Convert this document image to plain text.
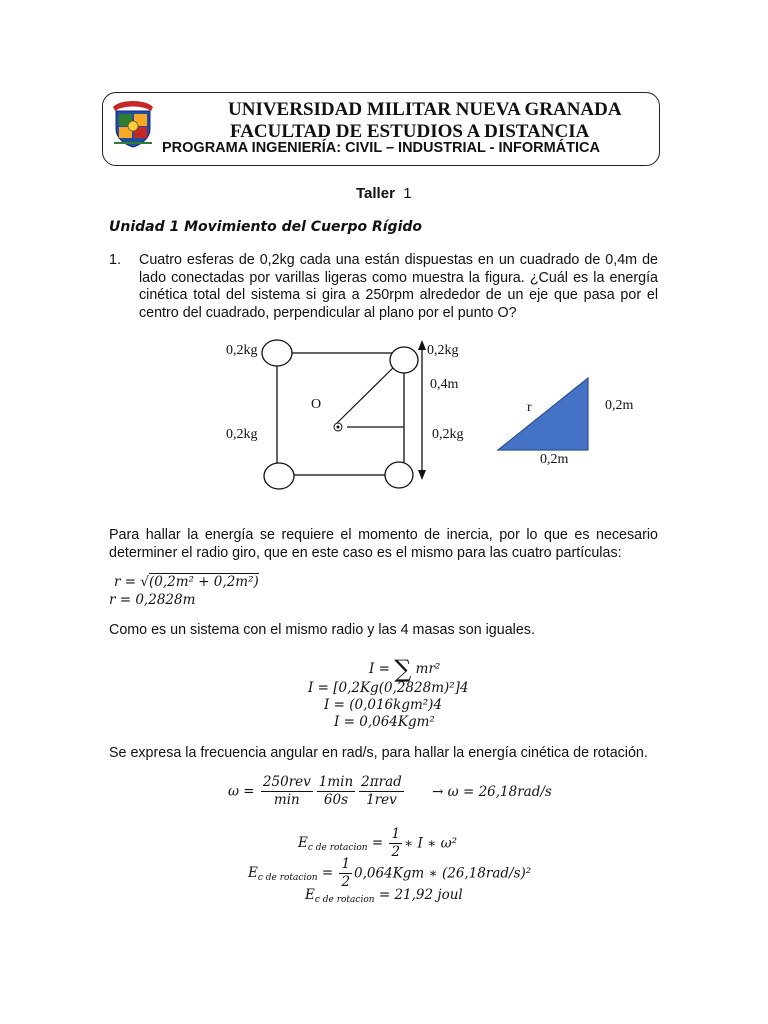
UNIVERSIDAD MILITAR NUEVA GRANADA
FACULTAD DE ESTUDIOS A DISTANCIA
PROGRAMA INGENIERÍA: CIVIL – INDUSTRIAL - INFORMÁTICA
Taller 1
Unidad 1 Movimiento del Cuerpo Rígido
1. Cuatro esferas de 0,2kg cada una están dispuestas en un cuadrado de 0,4m de lado conectadas por varillas ligeras como muestra la figura. ¿Cuál es la energía cinética total del sistema si gira a 250rpm alrededor de un eje que pasa por el centro del cuadrado, perpendicular al plano por el punto O?
0,2kg	0,2kg
0,4m
O
0,2kg	0,2kg
r	0,2m
0,2m
Para hallar la energía se requiere el momento de inercia, por lo que es necesario determiner el radio giro, que en este caso es el mismo para las cuatro partículas:
r = √(0,2m² + 0,2m²)
r = 0,2828m
Como es un sistema con el mismo radio y las 4 masas son iguales.
I = ∑ mr²
I = [0,2Kg(0,2828m)²]4
I = (0,016kgm²)4
I = 0,064Kgm²
Se expresa la frecuencia angular en rad/s, para hallar la energía cinética de rotación.
$\omega = \frac{\text{250rev}}{\min} \frac{1\min}{60s} \frac{\text{2πrad}}{\text{1rev}} \to \omega = 26,18rad/s$
$E_{c de rotacion} = \frac{1}{2}$ ∗ I ∗ ω²
$E_{c de rotacion} = \frac{1}{2} 0,064Kgm$ ∗ (26,18rad/s)²
$E_{c de rotacion} = 21,92$ joul
